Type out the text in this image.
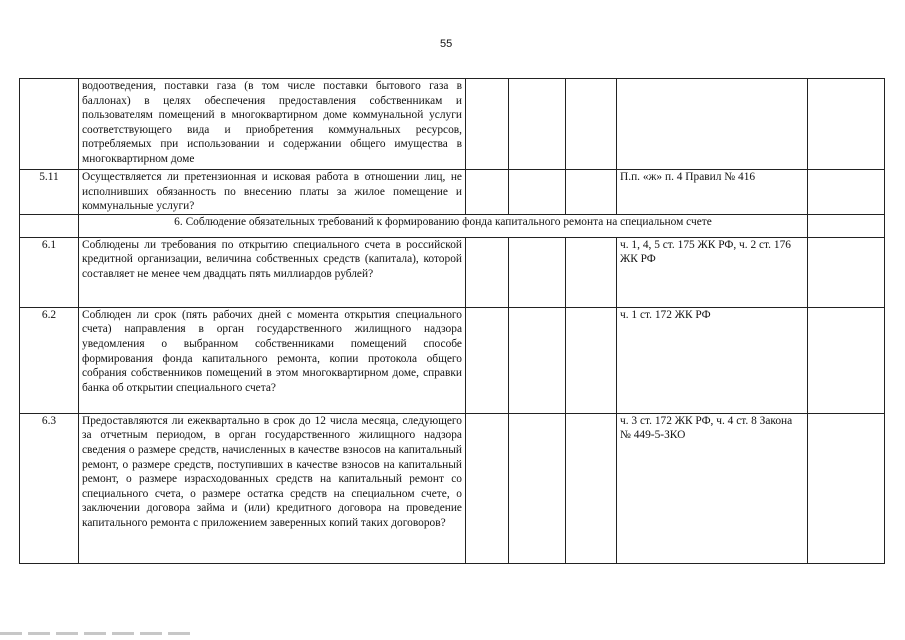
55
	водоотведения, поставки газа (в том числе поставки бытового газа в баллонах) в целях обеспечения предоставления собственникам и пользователям помещений в многоквартирном доме коммунальной услуги соответствующего вида и приобретения коммунальных ресурсов, потребляемых при использовании и содержании общего имущества в многоквартирном доме					
5.11	Осуществляется ли претензионная и исковая работа в отношении лиц, не исполнивших обязанность по внесению платы за жилое помещение и коммунальные услуги?				П.п. «ж» п. 4 Правил № 416	
	6. Соблюдение обязательных требований к формированию фонда капитального ремонта на специальном счете					
6.1	Соблюдены ли требования по открытию специального счета в российской кредитной организации, величина собственных средств (капитала), которой составляет не менее чем двадцать пять миллиардов рублей?				ч. 1, 4, 5 ст. 175 ЖК РФ, ч. 2 ст. 176 ЖК РФ	
6.2	Соблюден ли срок (пять рабочих дней с момента открытия специального счета) направления в орган государственного жилищного надзора уведомления о выбранном собственниками помещений способе формирования фонда капитального ремонта, копии протокола общего собрания собственников помещений в этом многоквартирном доме, справки банка об открытии специального счета?				ч. 1 ст. 172 ЖК РФ	
6.3	Предоставляются ли ежеквартально в срок до 12 числа месяца, следующего за отчетным периодом, в орган государственного жилищного надзора сведения о размере средств, начисленных в качестве взносов на капитальный ремонт, о размере средств, поступивших в качестве взносов на капитальный ремонт, о размере израсходованных средств на капитальный ремонт со специального счета, о размере остатка средств на специальном счете, о заключении договора займа и (или) кредитного договора на проведение капитального ремонта с приложением заверенных копий таких договоров?				ч. 3 ст. 172 ЖК РФ, ч. 4 ст. 8 Закона № 449-5-ЗКО	
